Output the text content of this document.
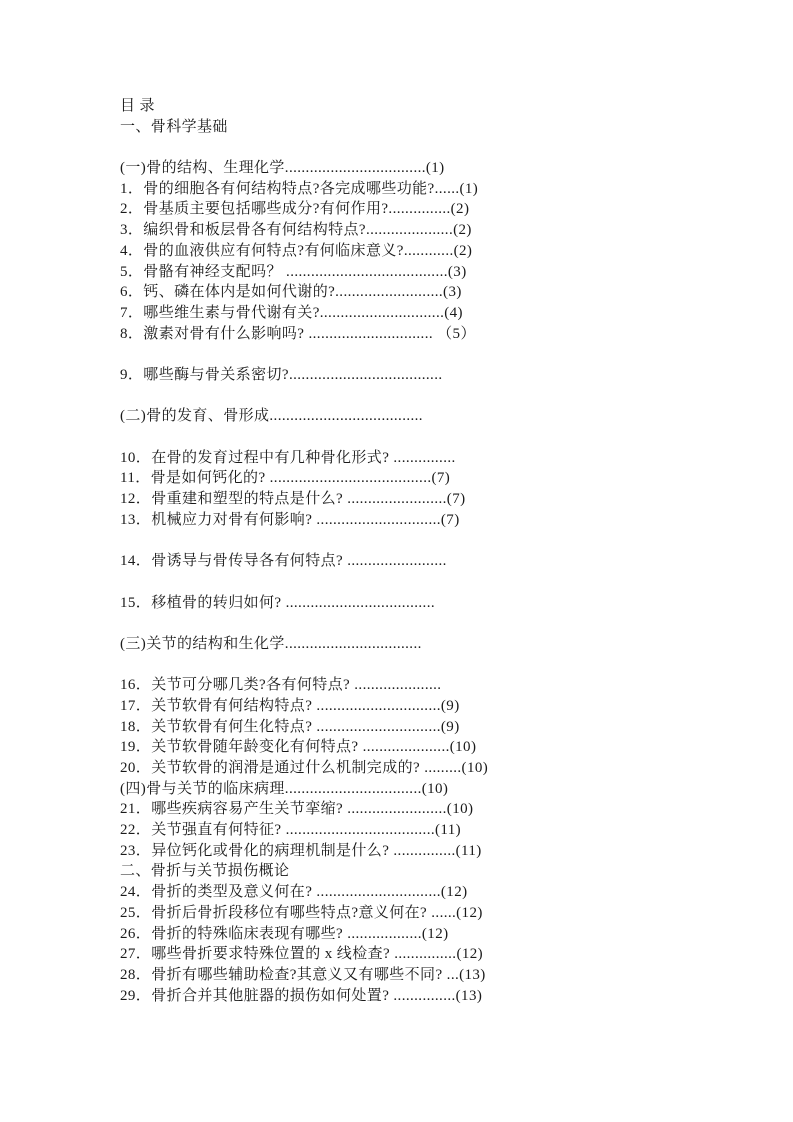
目 录
一、骨科学基础
(一)骨的结构、生理化学..................................(1)
1．骨的细胞各有何结构特点?各完成哪些功能?......(1)
2．骨基质主要包括哪些成分?有何作用?...............(2)
3．编织骨和板层骨各有何结构特点?.....................(2)
4．骨的血液供应有何特点?有何临床意义?............(2)
5．骨骼有神经支配吗？ .......................................(3)
6．钙、磷在体内是如何代谢的?..........................(3)
7．哪些维生素与骨代谢有关?..............................(4)
8．激素对骨有什么影响吗? .............................. （5）
9．哪些酶与骨关系密切?.....................................
(二)骨的发育、骨形成.....................................
10．在骨的发育过程中有几种骨化形式? ...............
11．骨是如何钙化的? .......................................(7)
12．骨重建和塑型的特点是什么? ........................(7)
13．机械应力对骨有何影响? ..............................(7)
14．骨诱导与骨传导各有何特点? ........................
15．移植骨的转归如何? ....................................
(三)关节的结构和生化学.................................
16．关节可分哪几类?各有何特点? .....................
17．关节软骨有何结构特点? ..............................(9)
18．关节软骨有何生化特点? ..............................(9)
19．关节软骨随年龄变化有何特点? .....................(10)
20．关节软骨的润滑是通过什么机制完成的? .........(10)
(四)骨与关节的临床病理.................................(10)
21．哪些疾病容易产生关节挛缩? ........................(10)
22．关节强直有何特征? ....................................(11)
23．异位钙化或骨化的病理机制是什么? ...............(11)
二、骨折与关节损伤概论
24．骨折的类型及意义何在? ..............................(12)
25．骨折后骨折段移位有哪些特点?意义何在? ......(12)
26．骨折的特殊临床表现有哪些? ..................(12)
27．哪些骨折要求特殊位置的 x 线检查? ...............(12)
28．骨折有哪些辅助检查?其意义又有哪些不同? ...(13)
29．骨折合并其他脏器的损伤如何处置? ...............(13)
